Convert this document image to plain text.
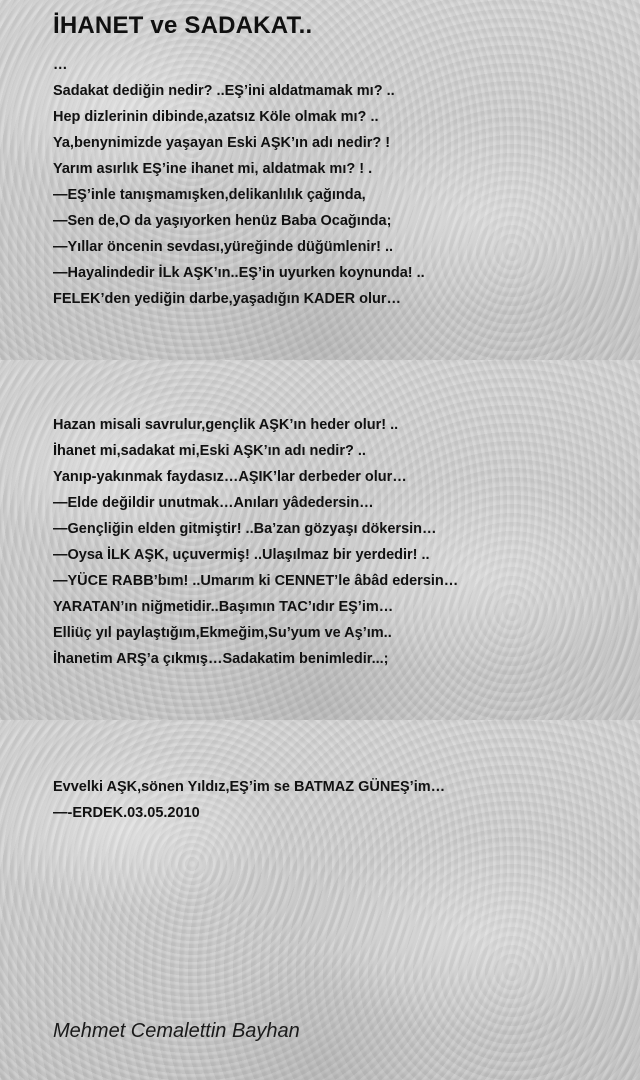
İHANET ve SADAKAT..
…
Sadakat dediğin nedir? ..EŞ’ini aldatmamak mı? ..
Hep dizlerinin dibinde,azatsız Köle olmak mı? ..
Ya,benynimizde yaşayan Eski AŞK’ın adı nedir? !
Yarım asırlık EŞ’ine ihanet mi, aldatmak mı? ! .
—EŞ’inle tanışmamışken,delikanlılık çağında,
—Sen de,O da yaşıyorken henüz Baba Ocağında;
—Yıllar öncenin sevdası,yüreğinde düğümlenir! ..
—Hayalindedir İLk AŞK’ın..EŞ’in uyurken koynunda! ..
FELEK’den yediğin darbe,yaşadığın KADER olur…
Hazan misali savrulur,gençlik AŞK’ın heder olur! ..
İhanet mi,sadakat mi,Eski AŞK’ın adı nedir? ..
Yanıp-yakınmak faydasız…AŞIK’lar derbeder olur…
—Elde değildir unutmak…Anıları yâdedersin…
—Gençliğin elden gitmiştir! ..Ba’zan gözyaşı dökersin…
—Oysa İLK AŞK, uçuvermiş! ..Ulaşılmaz bir yerdedir! ..
—YÜCE RABB’bım! ..Umarım ki CENNET’le âbâd edersin…
YARATAN’ın niğmetidir..Başımın TAC’ıdır EŞ’im…
Elliüç yıl paylaştığım,Ekmeğim,Su’yum ve Aş’ım..
İhanetim ARŞ’a çıkmış…Sadakatim benimledir...;
Evvelki AŞK,sönen Yıldız,EŞ’im se BATMAZ GÜNEŞ’im…
—-ERDEK.03.05.2010
Mehmet Cemalettin Bayhan
